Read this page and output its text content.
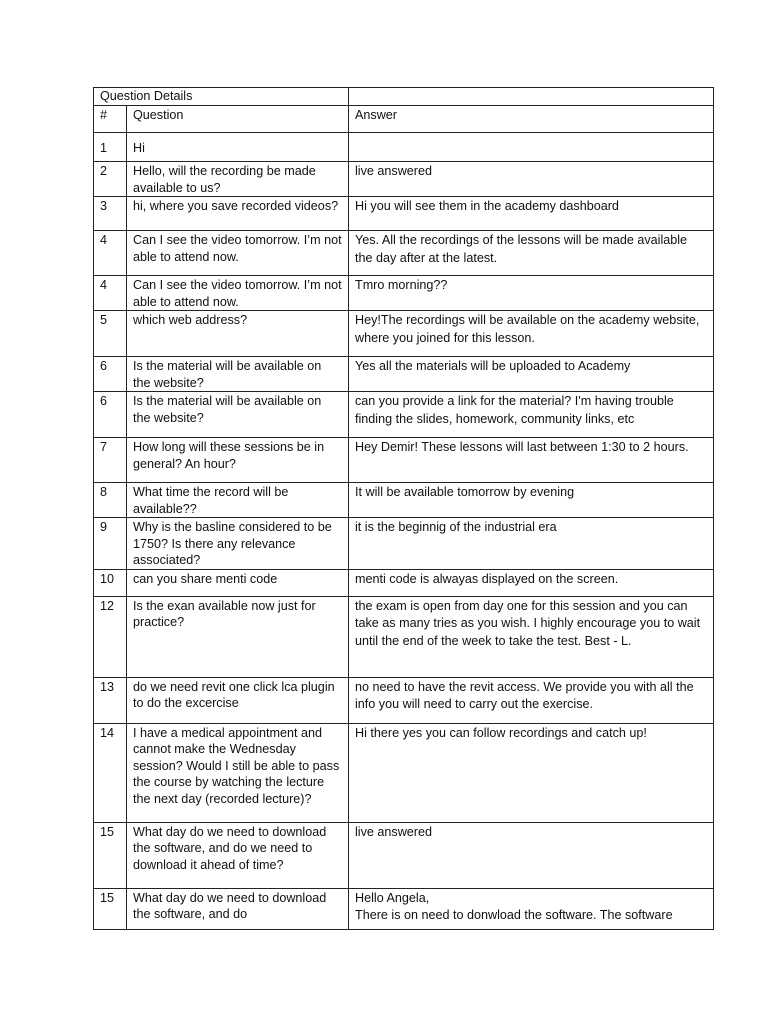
Question Details		
#	Question	Answer
1	Hi	
2	Hello, will the recording be made available to us?	live answered
3	hi, where you save recorded videos?	Hi you will see them in the academy dashboard
4	Can I see the video tomorrow. I’m not able to attend now.	Yes. All the recordings of the lessons will be made available the day after at the latest.
4	Can I see the video tomorrow. I’m not able to attend now.	Tmro morning??
5	which web address?	Hey!The recordings will be available on the academy website, where you joined for this lesson.
6	Is the material will be available on the website?	Yes all the materials will be uploaded to Academy
6	Is the material will be available on the website?	can you provide a link for the material? I'm having trouble finding the slides, homework, community links, etc
7	How long will these sessions be in general? An hour?	Hey Demir! These lessons will last between 1:30 to 2 hours.
8	What time the record will be available??	It will be available tomorrow by evening
9	Why is the basline considered to be 1750? Is there any relevance associated?	it is the beginnig of the industrial era
10	can you share menti code	menti code is alwayas displayed on the screen.
12	Is the exan available now just for practice?	the exam is open from day one for this session and you can take as many tries as you wish. I highly encourage you to wait until the end of the week to take the test. Best - L.
13	do we need revit one click lca plugin to do the excercise	no need to have the revit access. We provide you with all the info you will need to carry out the exercise.
14	I have a medical appointment and cannot make the Wednesday session? Would I still be able to pass the course by watching the lecture the next day (recorded lecture)?	Hi there yes you can follow recordings and catch up!
15	What day do we need to download the software, and do we need to download it ahead of time?	live answered
15	What day do we need to download the software, and do	Hello Angela,
There is on need to donwload the software. The software
